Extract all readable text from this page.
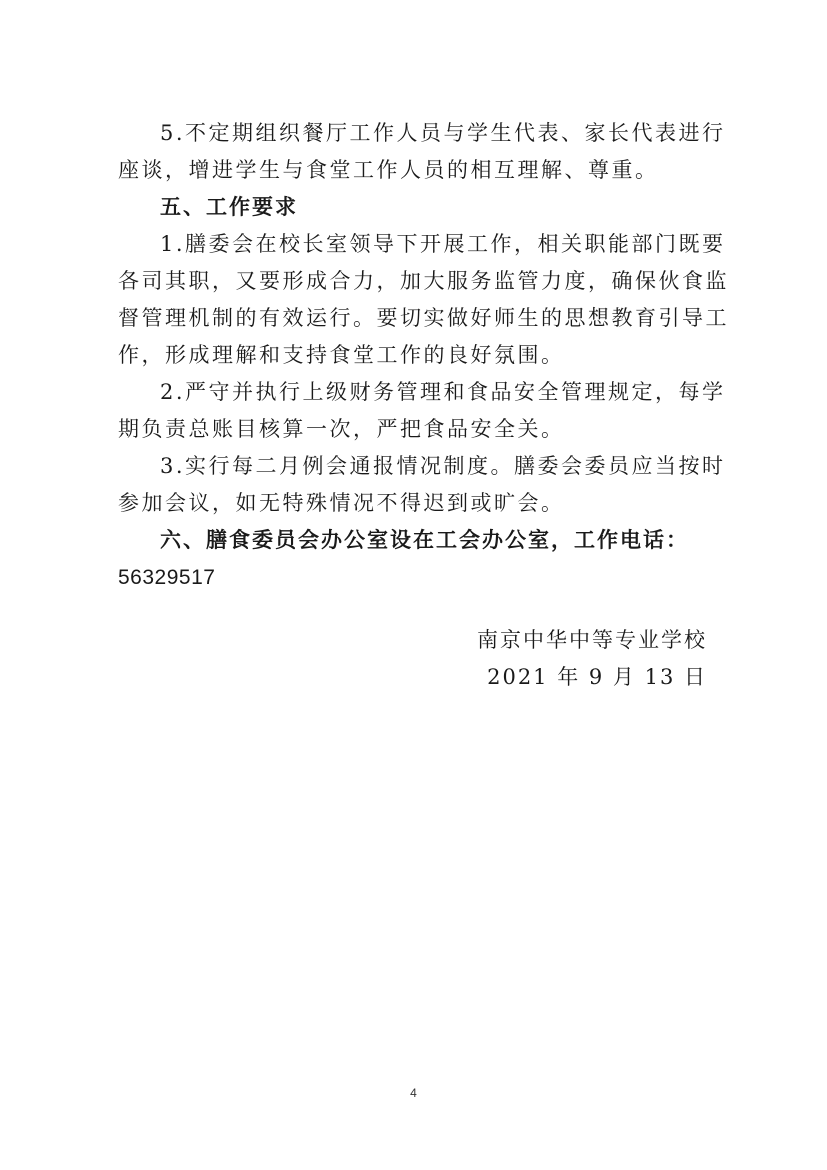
5.不定期组织餐厅工作人员与学生代表、家长代表进行
座谈，增进学生与食堂工作人员的相互理解、尊重。
五、工作要求
1.膳委会在校长室领导下开展工作，相关职能部门既要
各司其职，又要形成合力，加大服务监管力度，确保伙食监
督管理机制的有效运行。要切实做好师生的思想教育引导工
作，形成理解和支持食堂工作的良好氛围。
2.严守并执行上级财务管理和食品安全管理规定，每学
期负责总账目核算一次，严把食品安全关。
3.实行每二月例会通报情况制度。膳委会委员应当按时
参加会议，如无特殊情况不得迟到或旷会。
六、膳食委员会办公室设在工会办公室，工作电话：
56329517
南京中华中等专业学校
2021 年 9 月 13 日
4
